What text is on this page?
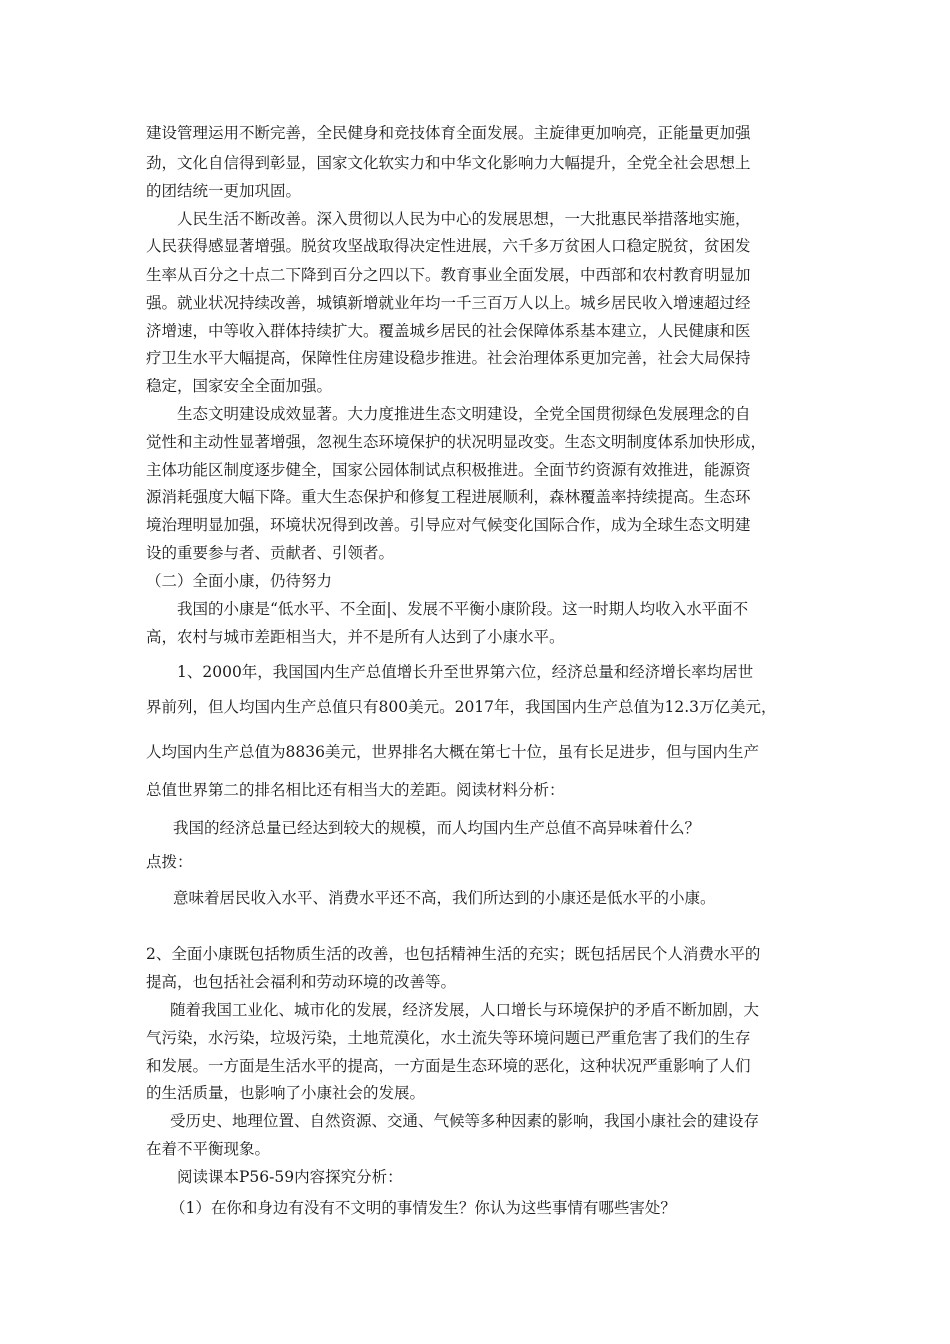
建设管理运用不断完善，全民健身和竞技体育全面发展。主旋律更加响亮，正能量更加强
劲，文化自信得到彰显，国家文化软实力和中华文化影响力大幅提升，全党全社会思想上
的团结统一更加巩固。
人民生活不断改善。深入贯彻以人民为中心的发展思想，一大批惠民举措落地实施，
人民获得感显著增强。脱贫攻坚战取得决定性进展，六千多万贫困人口稳定脱贫，贫困发
生率从百分之十点二下降到百分之四以下。教育事业全面发展，中西部和农村教育明显加
强。就业状况持续改善，城镇新增就业年均一千三百万人以上。城乡居民收入增速超过经
济增速，中等收入群体持续扩大。覆盖城乡居民的社会保障体系基本建立，人民健康和医
疗卫生水平大幅提高，保障性住房建设稳步推进。社会治理体系更加完善，社会大局保持
稳定，国家安全全面加强。
生态文明建设成效显著。大力度推进生态文明建设，全党全国贯彻绿色发展理念的自
觉性和主动性显著增强，忽视生态环境保护的状况明显改变。生态文明制度体系加快形成，
主体功能区制度逐步健全，国家公园体制试点积极推进。全面节约资源有效推进，能源资
源消耗强度大幅下降。重大生态保护和修复工程进展顺利，森林覆盖率持续提高。生态环
境治理明显加强，环境状况得到改善。引导应对气候变化国际合作，成为全球生态文明建
设的重要参与者、贡献者、引领者。
（二）全面小康，仍待努力
我国的小康是“低水平、不全面|、发展不平衡小康阶段。这一时期人均收入水平面不
高，农村与城市差距相当大，并不是所有人达到了小康水平。
1、2000年，我国国内生产总值增长升至世界第六位，经济总量和经济增长率均居世
界前列，但人均国内生产总值只有800美元。2017年，我国国内生产总值为12.3万亿美元，
人均国内生产总值为8836美元，世界排名大概在第七十位，虽有长足进步，但与国内生产
总值世界第二的排名相比还有相当大的差距。阅读材料分析：
我国的经济总量已经达到较大的规模，而人均国内生产总值不高异味着什么？
点拨：
意味着居民收入水平、消费水平还不高，我们所达到的小康还是低水平的小康。
2、全面小康既包括物质生活的改善，也包括精神生活的充实；既包括居民个人消费水平的
提高，也包括社会福利和劳动环境的改善等。
随着我国工业化、城市化的发展，经济发展，人口增长与环境保护的矛盾不断加剧，大
气污染，水污染，垃圾污染，土地荒漠化，水土流失等环境问题已严重危害了我们的生存
和发展。一方面是生活水平的提高，一方面是生态环境的恶化，这种状况严重影响了人们
的生活质量，也影响了小康社会的发展。
受历史、地理位置、自然资源、交通、气候等多种因素的影响，我国小康社会的建设存
在着不平衡现象。
阅读课本P56-59内容探究分析：
（1）在你和身边有没有不文明的事情发生？你认为这些事情有哪些害处？
